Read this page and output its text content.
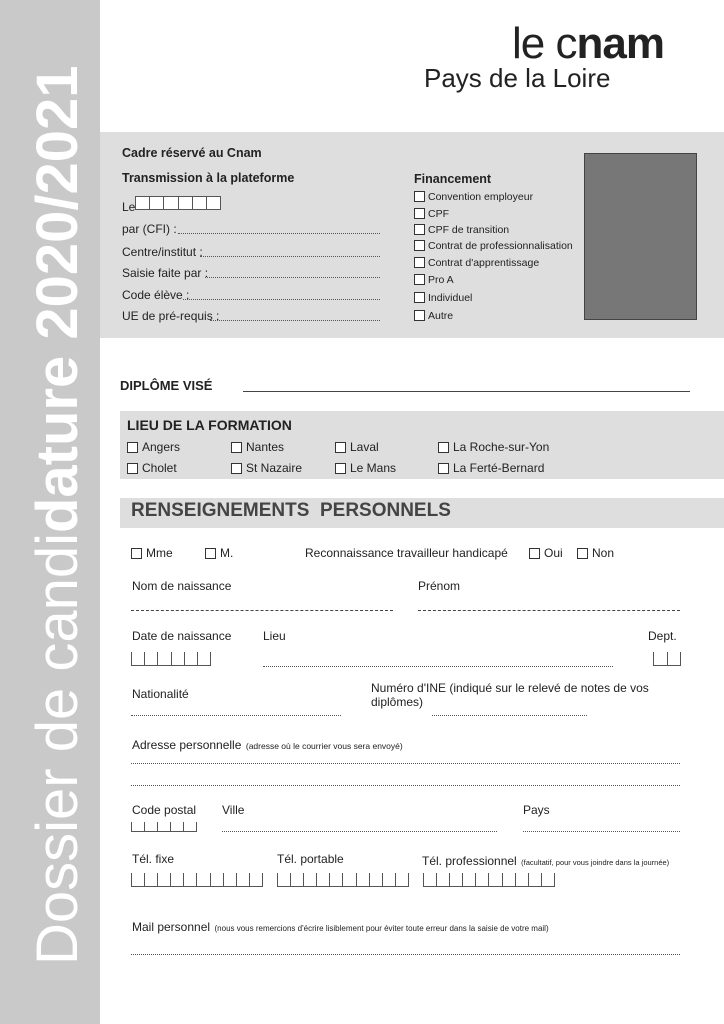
Dossier de candidature 2020/2021
le cnam
Pays de la Loire
Cadre réservé au Cnam
Transmission à la plateforme
Le
par (CFI) :
Centre/institut :
Saisie faite par :
Code élève :
UE de pré-requis :
Financement
Convention employeur
CPF
CPF de transition
Contrat de professionnalisation
Contrat d'apprentissage
Pro A
Individuel
Autre
DIPLÔME VISÉ
LIEU DE LA FORMATION
Angers	Nantes	Laval	La Roche-sur-Yon
Cholet	St Nazaire	Le Mans	La Ferté-Bernard
RENSEIGNEMENTS  PERSONNELS
Mme	M.	Reconnaissance travailleur handicapé	Oui Non
Nom de naissance	Prénom
Date de naissance	Lieu	Dept.
Nationalité	Numéro d'INE (indiqué sur le relevé de notes de vos diplômes)
Adresse personnelle (adresse où le courrier vous sera envoyé)
Code postal Ville	Pays
Tél. fixe	Tél. portable	Tél. professionnel (facultatif, pour vous joindre dans la journée)
Mail personnel (nous vous remercions d'écrire lisiblement pour éviter toute erreur dans la saisie de votre mail)
